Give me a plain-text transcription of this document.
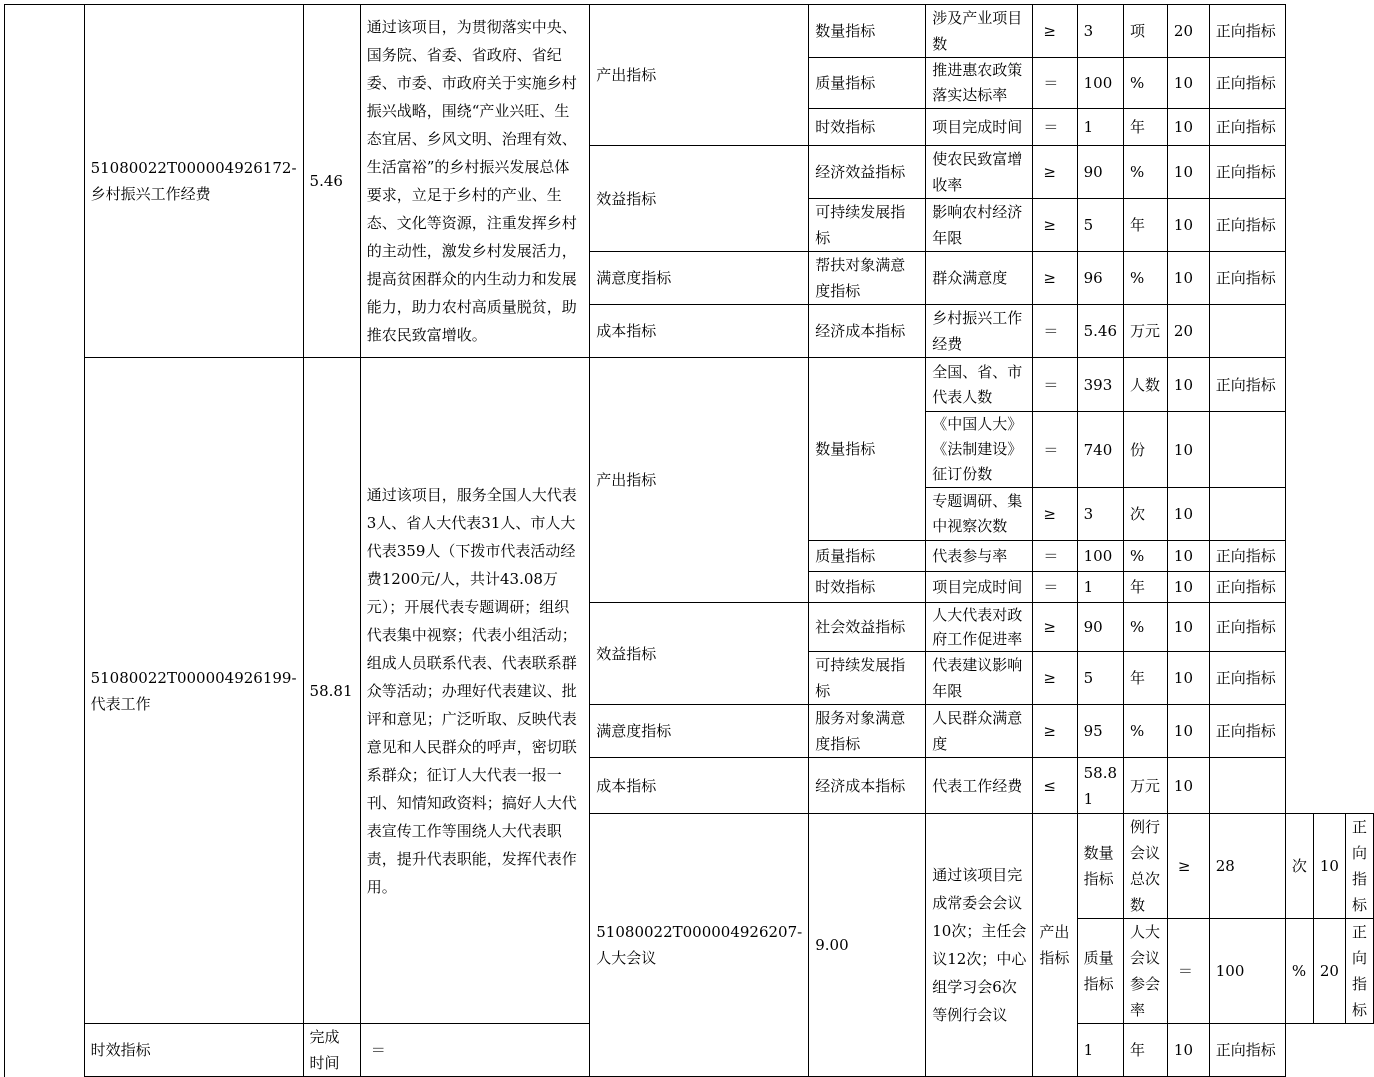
	51080022T000004926172-乡村振兴工作经费	5.46	通过该项目，为贯彻落实中央、国务院、省委、省政府、省纪委、市委、市政府关于实施乡村振兴战略，围绕“产业兴旺、生态宜居、乡风文明、治理有效、生活富裕”的乡村振兴发展总体要求，立足于乡村的产业、生态、文化等资源，注重发挥乡村的主动性，激发乡村发展活力，提高贫困群众的内生动力和发展能力，助力农村高质量脱贫，助推农民致富增收。	产出指标	数量指标	涉及产业项目数	≥	3	项	20	正向指标			
					质量指标	推进惠农政策落实达标率	＝	100	%	10	正向指标			
					时效指标	项目完成时间	＝	1	年	10	正向指标			
				效益指标	经济效益指标	使农民致富增收率	≥	90	%	10	正向指标			
					可持续发展指标	影响农村经济年限	≥	5	年	10	正向指标			
				满意度指标	帮扶对象满意度指标	群众满意度	≥	96	%	10	正向指标			
				成本指标	经济成本指标	乡村振兴工作经费	＝	5.46	万元	20				
	51080022T000004926199-代表工作	58.81	通过该项目，服务全国人大代表3人、省人大代表31人、市人大代表359人（下拨市代表活动经费1200元/人，共计43.08万元）；开展代表专题调研；组织代表集中视察；代表小组活动；组成人员联系代表、代表联系群众等活动；办理好代表建议、批评和意见；广泛听取、反映代表意见和人民群众的呼声，密切联系群众；征订人大代表一报一刊、知情知政资料；搞好人大代表宣传工作等围绕人大代表职责，提升代表职能，发挥代表作用。	产出指标	数量指标	全国、省、市代表人数	＝	393	人数	10	正向指标			
						《中国人大》《法制建设》征订份数	＝	740	份	10				
						专题调研、集中视察次数	≥	3	次	10				
					质量指标	代表参与率	＝	100	%	10	正向指标			
					时效指标	项目完成时间	＝	1	年	10	正向指标			
				效益指标	社会效益指标	人大代表对政府工作促进率	≥	90	%	10	正向指标			
					可持续发展指标	代表建议影响年限	≥	5	年	10	正向指标			
				满意度指标	服务对象满意度指标	人民群众满意度	≥	95	%	10	正向指标			
				成本指标	经济成本指标	代表工作经费	≤	58.81	万元	10				
				51080022T000004926207-人大会议	9.00	通过该项目完成常委会会议10次；主任会议12次；中心组学习会6次等例行会议	产出指标	数量指标	例行会议总次数	≥	28	次	10	正向指标
								质量指标	人大会议参会率	＝	100	%	20	正向指标
	时效指标	完成时间	＝					1	年	10	正向指标			
